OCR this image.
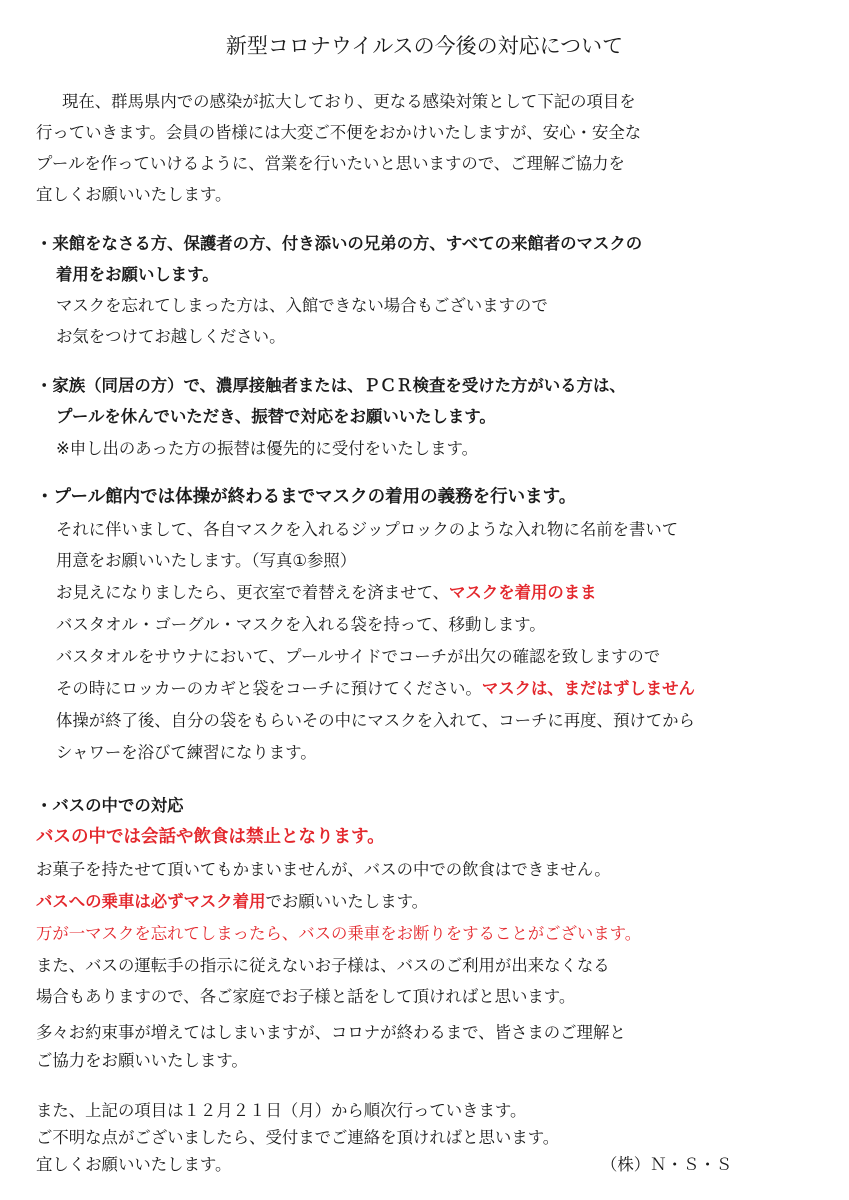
新型コロナウイルスの今後の対応について
現在、群馬県内での感染が拡大しており、更なる感染対策として下記の項目を
行っていきます。会員の皆様には大変ご不便をおかけいたしますが、安心・安全な
プールを作っていけるように、営業を行いたいと思いますので、ご理解ご協力を
宜しくお願いいたします。
・来館をなさる方、保護者の方、付き添いの兄弟の方、すべての来館者のマスクの
着用をお願いします。
マスクを忘れてしまった方は、入館できない場合もございますので
お気をつけてお越しください。
・家族（同居の方）で、濃厚接触者または、ＰＣＲ検査を受けた方がいる方は、
プールを休んでいただき、振替で対応をお願いいたします。
※申し出のあった方の振替は優先的に受付をいたします。
・プール館内では体操が終わるまでマスクの着用の義務を行います。
それに伴いまして、各自マスクを入れるジップロックのような入れ物に名前を書いて
用意をお願いいたします。（写真①参照）
お見えになりましたら、更衣室で着替えを済ませて、マスクを着用のまま
バスタオル・ゴーグル・マスクを入れる袋を持って、移動します。
バスタオルをサウナにおいて、プールサイドでコーチが出欠の確認を致しますので
その時にロッカーのカギと袋をコーチに預けてください。マスクは、まだはずしません
体操が終了後、自分の袋をもらいその中にマスクを入れて、コーチに再度、預けてから
シャワーを浴びて練習になります。
・バスの中での対応
バスの中では会話や飲食は禁止となります。
お菓子を持たせて頂いてもかまいませんが、バスの中での飲食はできません。
バスへの乗車は必ずマスク着用でお願いいたします。
万が一マスクを忘れてしまったら、バスの乗車をお断りをすることがございます。
また、バスの運転手の指示に従えないお子様は、バスのご利用が出来なくなる
場合もありますので、各ご家庭でお子様と話をして頂ければと思います。
多々お約束事が増えてはしまいますが、コロナが終わるまで、皆さまのご理解と
ご協力をお願いいたします。
また、上記の項目は１２月２１日（月）から順次行っていきます。
ご不明な点がございましたら、受付までご連絡を頂ければと思います。
宜しくお願いいたします。	（株）Ｎ・Ｓ・Ｓ
